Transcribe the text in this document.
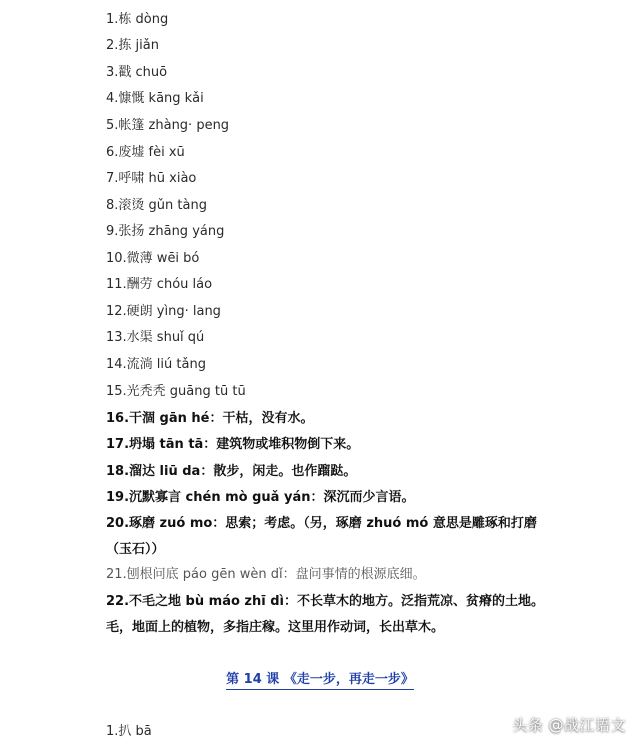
1.栋 dòng
2.拣 jiǎn
3.戳 chuō
4.慷慨 kāng kǎi
5.帐篷 zhàng· peng
6.废墟 fèi xū
7.呼啸 hū xiào
8.滚烫 gǔn tàng
9.张扬 zhāng yáng
10.微薄 wēi bó
11.酬劳 chóu láo
12.硬朗 yìng· lang
13.水渠 shuǐ qú
14.流淌 liú tǎng
15.光秃秃 guāng tū tū
16.干涸 gān hé：干枯，没有水。
17.坍塌 tān tā：建筑物或堆积物倒下来。
18.溜达 liū da：散步，闲走。也作蹓跶。
19.沉默寡言 chén mò guǎ yán：深沉而少言语。
20.琢磨 zuó mo：思索；考虑。（另，琢磨 zhuó mó 意思是雕琢和打磨（玉石））
21.刨根问底 páo gēn wèn dǐ：盘问事情的根源底细。
22.不毛之地 bù máo zhī dì：不长草木的地方。泛指荒凉、贫瘠的土地。毛，地面上的植物，多指庄稼。这里用作动词，长出草木。
第 14 课 《走一步，再走一步》
1.扒 bā	头条 @战江语文
